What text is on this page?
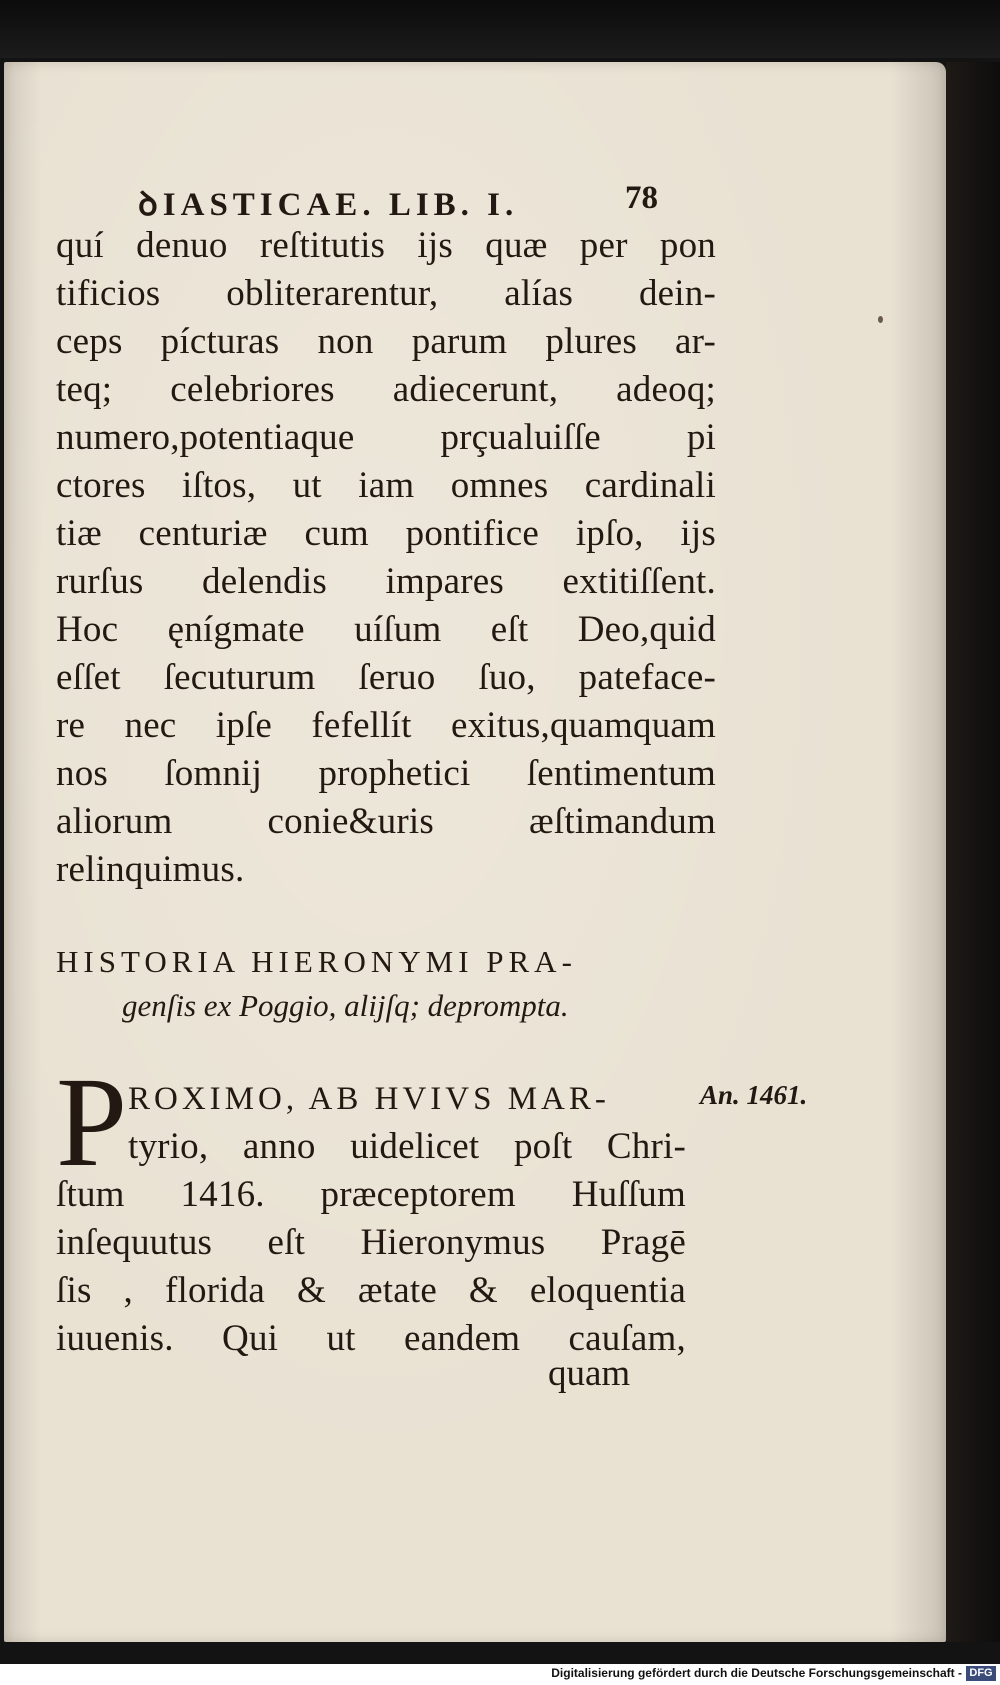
ꝺIASTICAE. LIB. I.	78
quí denuo reſtitutis ijs quæ per pon
tificios obliterarentur, alías dein-
ceps pícturas non parum plures ar-
teq; celebriores adiecerunt, adeoq;
numero,potentiaque prçualuiſſe pi
ctores iſtos, ut iam omnes cardinali
tiæ centuriæ cum pontifice ipſo, ijs
rurſus delendis impares extitiſſent.
Hoc ęnígmate uíſum eſt Deo,quid
eſſet ſecuturum ſeruo ſuo, pateface-
re nec ipſe fefellít exitus,quamquam
nos ſomnij prophetici ſentimentum
aliorum conie&uris æſtimandum
relinquimus.
HISTORIA HIERONYMI PRA-
genſis ex Poggio, alijſq; deprompta.
P ROXIMO, AB HVIVS MAR-
tyrio, anno uidelicet poſt Chri-
ſtum 1416. præceptorem Huſſum
inſequutus eſt Hieronymus Pragē
ſis , florida & ætate & eloquentia
iuuenis. Qui ut eandem cauſam,
quam
An. 1461.
Digitalisierung gefördert durch die Deutsche Forschungsgemeinschaft - DFG
